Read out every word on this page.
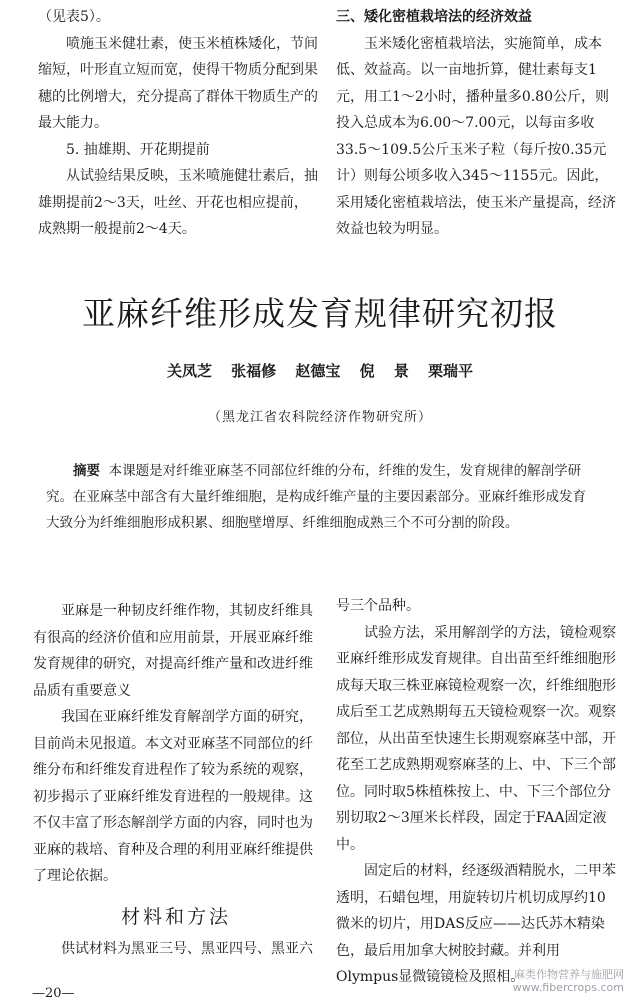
（见表5）。

喷施玉米健壮素，使玉米植株矮化，节间缩短，叶形直立短而宽，使得干物质分配到果穗的比例增大，充分提高了群体干物质生产的最大能力。

5. 抽雄期、开花期提前

从试验结果反映，玉米喷施健壮素后，抽雄期提前2～3天，吐丝、开花也相应提前，成熟期一般提前2～4天。

三、矮化密植栽培法的经济效益

玉米矮化密植栽培法，实施简单，成本低、效益高。以一亩地折算，健壮素每支1元，用工1～2小时，播种量多0.80公斤，则投入总成本为6.00～7.00元，以每亩多收33.5～109.5公斤玉米子粒（每斤按0.35元计）则每公顷多收入345～1155元。因此，采用矮化密植栽培法，使玉米产量提高，经济效益也较为明显。

亚麻纤维形成发育规律研究初报
关凤芝 张福修 赵德宝 倪 景 栗瑞平
（黑龙江省农科院经济作物研究所）
摘要 本课题是对纤维亚麻茎不同部位纤维的分布，纤维的发生，发育规律的解剖学研究。在亚麻茎中部含有大量纤维细胞，是构成纤维产量的主要因素部分。亚麻纤维形成发育大致分为纤维细胞形成积累、细胞壁增厚、纤维细胞成熟三个不可分割的阶段。

亚麻是一种韧皮纤维作物，其韧皮纤维具有很高的经济价值和应用前景，开展亚麻纤维发育规律的研究，对提高纤维产量和改进纤维品质有重要意义

我国在亚麻纤维发育解剖学方面的研究，目前尚未见报道。本文对亚麻茎不同部位的纤维分布和纤维发育进程作了较为系统的观察，初步揭示了亚麻纤维发育进程的一般规律。这不仅丰富了形态解剖学方面的内容，同时也为亚麻的栽培、育种及合理的利用亚麻纤维提供了理论依据。

材料和方法

供试材料为黑亚三号、黑亚四号、黑亚六

号三个品种。

试验方法，采用解剖学的方法，镜检观察亚麻纤维形成发育规律。自出苗至纤维细胞形成每天取三株亚麻镜检观察一次，纤维细胞形成后至工艺成熟期每五天镜检观察一次。观察部位，从出苗至快速生长期观察麻茎中部，开花至工艺成熟期观察麻茎的上、中、下三个部位。同时取5株植株按上、中、下三个部位分别切取2～3厘米长样段，固定于FAA固定液中。

固定后的材料，经逐级酒精脱水，二甲苯透明，石蜡包埋，用旋转切片机切成厚约10微米的切片，用DAS反应——达氏苏木精染色，最后用加拿大树胶封藏。并利用Olympus显微镜镜检及照相。

—20—
麻类作物营养与施肥网
www.fibercrops.com
